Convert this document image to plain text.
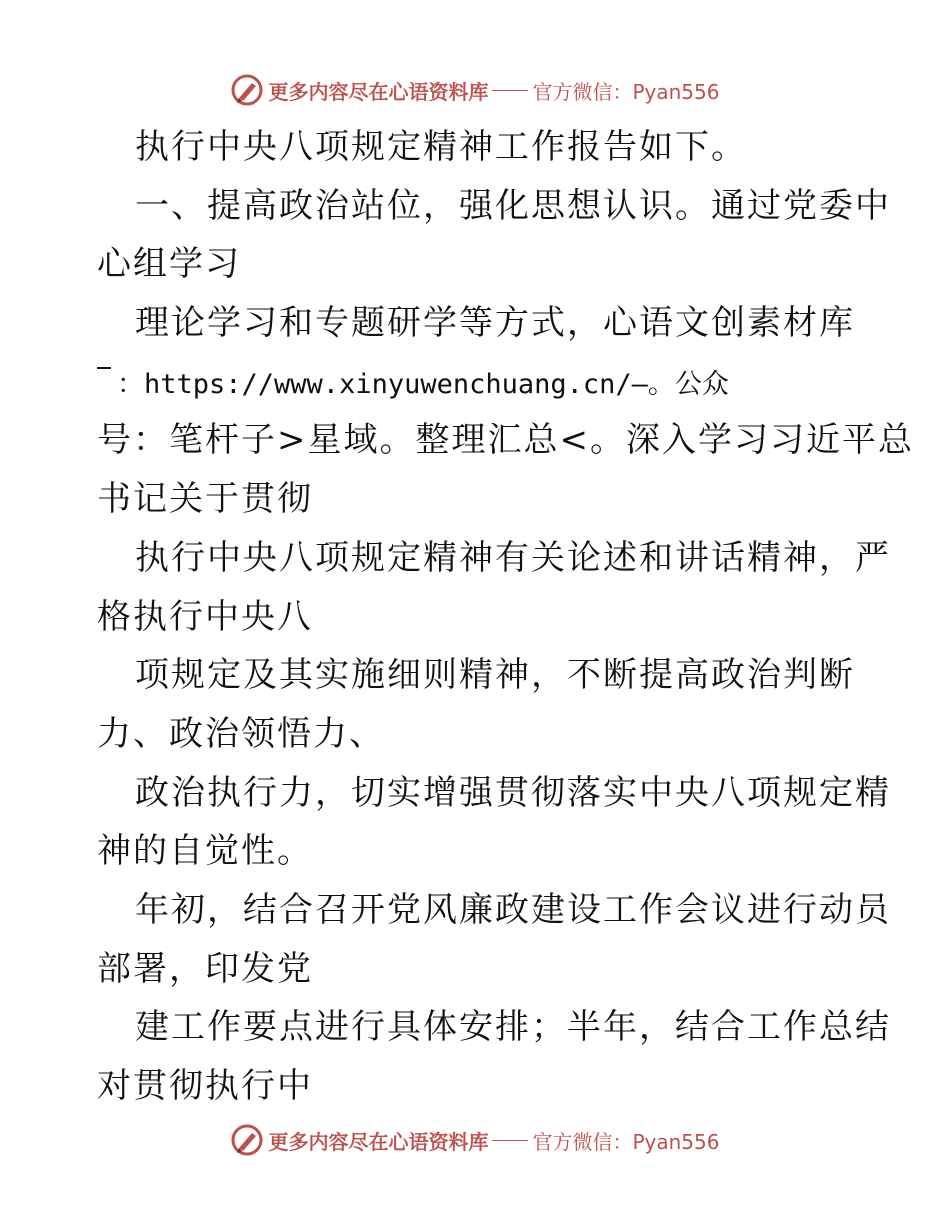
更多内容尽在心语资料库 官方微信：Pyan556
执行中央八项规定精神工作报告如下。
一、提高政治站位，强化思想认识。通过党委中
心组学习
理论学习和专题研学等方式，心语文创素材库
：https://www.xinyuwenchuang.cn/—。公众
号：笔杆子>星域。整理汇总<。深入学习习近平总
书记关于贯彻
执行中央八项规定精神有关论述和讲话精神，严
格执行中央八
项规定及其实施细则精神，不断提高政治判断
力、政治领悟力、
政治执行力，切实增强贯彻落实中央八项规定精
神的自觉性。
年初，结合召开党风廉政建设工作会议进行动员
部署，印发党
建工作要点进行具体安排；半年，结合工作总结
对贯彻执行中
更多内容尽在心语资料库 官方微信：Pyan556
